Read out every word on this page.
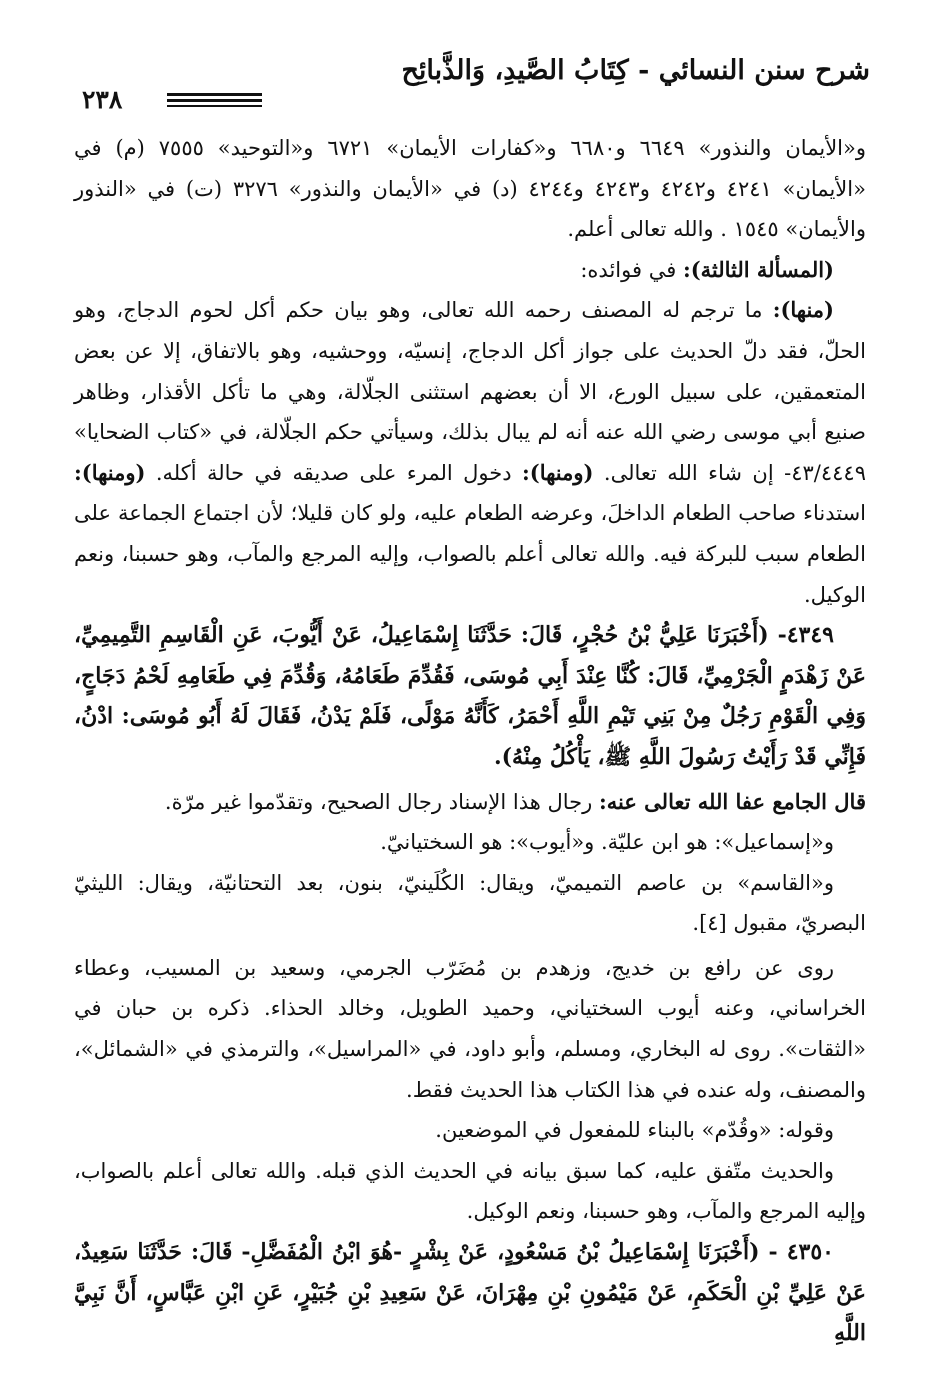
شرح سنن النسائي - كِتَابُ الصَّيدِ، وَالذَّبائِح
٢٣٨

و«الأيمان والنذور» ٦٦٤٩ و٦٦٨٠ و«كفارات الأيمان» ٦٧٢١ و«التوحيد» ٧٥٥٥ (م) في «الأيمان» ٤٢٤١ و٤٢٤٢ و٤٢٤٣ و٤٢٤٤ (د) في «الأيمان والنذور» ٣٢٧٦ (ت) في «النذور والأيمان» ١٥٤٥ . والله تعالى أعلم.

(المسألة الثالثة): في فوائده:

(منها): ما ترجم له المصنف رحمه الله تعالى، وهو بيان حكم أكل لحوم الدجاج، وهو الحلّ، فقد دلّ الحديث على جواز أكل الدجاج، إنسيّه، ووحشيه، وهو بالاتفاق، إلا عن بعض المتعمقين، على سبيل الورع، الا أن بعضهم استثنى الجلّالة، وهي ما تأكل الأقذار، وظاهر صنيع أبي موسى رضي الله عنه أنه لم يبال بذلك، وسيأتي حكم الجلّالة، في «كتاب الضحايا» ٤٣/٤٤٤٩- إن شاء الله تعالى. (ومنها): دخول المرء على صديقه في حالة أكله. (ومنها): استدناء صاحب الطعام الداخلَ، وعرضه الطعام عليه، ولو كان قليلا؛ لأن اجتماع الجماعة على الطعام سبب للبركة فيه. والله تعالى أعلم بالصواب، وإليه المرجع والمآب، وهو حسبنا، ونعم الوكيل.

٤٣٤٩- (أَخْبَرَنَا عَلِيُّ بْنُ حُجْرٍ، قَالَ: حَدَّثَنَا إِسْمَاعِيلُ، عَنْ أَيُّوبَ، عَنِ الْقَاسِمِ التَّمِيمِيِّ، عَنْ زَهْدَمٍ الْجَرْمِيِّ، قَالَ: كُنَّا عِنْدَ أَبِي مُوسَى، فَقُدِّمَ طَعَامُهُ، وَقُدِّمَ فِي طَعَامِهِ لَحْمُ دَجَاجٍ، وَفِي الْقَوْمِ رَجُلٌ مِنْ بَنِي تَيْمِ اللَّهِ أَحْمَرُ، كَأَنَّهُ مَوْلًى، فَلَمْ يَدْنُ، فَقَالَ لَهُ أَبُو مُوسَى: ادْنُ، فَإِنِّي قَدْ رَأَيْتُ رَسُولَ اللَّهِ ﷺ، يَأْكُلُ مِنْهُ).

قال الجامع عفا الله تعالى عنه: رجال هذا الإسناد رجال الصحيح، وتقدّموا غير مرّة.

و«إسماعيل»: هو ابن عليّة. و«أيوب»: هو السختيانيّ.

و«القاسم» بن عاصم التميميّ، ويقال: الكُلَينيّ، بنون، بعد التحتانيّة، ويقال: الليثيّ البصريّ، مقبول [٤].

روى عن رافع بن خديج، وزهدم بن مُضَرّب الجرمي، وسعيد بن المسيب، وعطاء الخراساني، وعنه أيوب السختياني، وحميد الطويل، وخالد الحذاء. ذكره بن حبان في «الثقات». روى له البخاري، ومسلم، وأبو داود، في «المراسيل»، والترمذي في «الشمائل»، والمصنف، وله عنده في هذا الكتاب هذا الحديث فقط.

وقوله: «وقُدّم» بالبناء للمفعول في الموضعين.

والحديث متّفق عليه، كما سبق بيانه في الحديث الذي قبله. والله تعالى أعلم بالصواب، وإليه المرجع والمآب، وهو حسبنا، ونعم الوكيل.

٤٣٥٠ - (أَخْبَرَنَا إِسْمَاعِيلُ بْنُ مَسْعُودٍ، عَنْ بِشْرٍ -هُوَ ابْنُ الْمُفَضَّلِ- قَالَ: حَدَّثَنَا سَعِيدٌ، عَنْ عَلِيِّ بْنِ الْحَكَمِ، عَنْ مَيْمُونِ بْنِ مِهْرَانَ، عَنْ سَعِيدِ بْنِ جُبَيْرٍ، عَنِ ابْنِ عَبَّاسٍ، أَنَّ نَبِيَّ اللَّهِ
